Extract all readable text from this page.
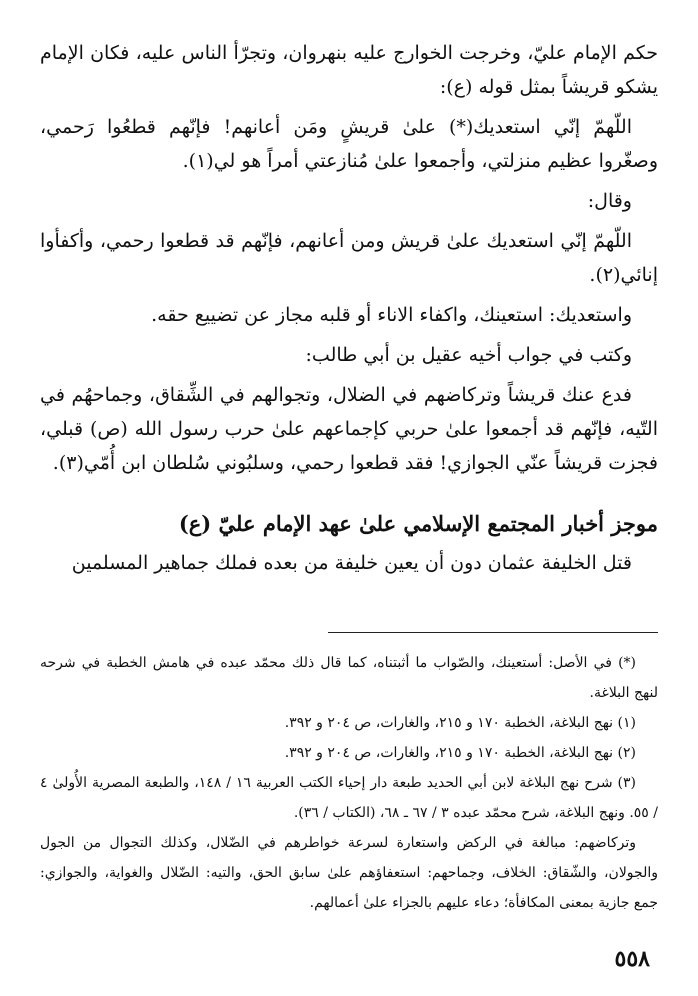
حكم الإمام عليّ، وخرجت الخوارج عليه بنهروان، وتجرّأ الناس عليه، فكان الإمام يشكو قريشاً بمثل قوله (ع):

اللّهمّ إنّي استعديك(*) علىٰ قريشٍ ومَن أعانهم! فإنّهم قطعُوا رَحمي، وصغّروا عظيم منزلتي، وأجمعوا علىٰ مُنازعتي أمراً هو لي(١).

وقال:

اللّهمّ إنّي استعديك علىٰ قريش ومن أعانهم، فإنّهم قد قطعوا رحمي، وأكفأوا إنائي(٢).

واستعديك: استعينك، واكفاء الاناء أو قلبه مجاز عن تضييع حقه.

وكتب في جواب أخيه عقيل بن أبي طالب:

فدع عنك قريشاً وتركاضهم في الضلال، وتجوالهم في الشِّقاق، وجماحهُم في التّيه، فإنّهم قد أجمعوا علىٰ حربي كإجماعهم علىٰ حرب رسول الله (ص) قبلي، فجزت قريشاً عنّي الجوازي! فقد قطعوا رحمي، وسلبُوني سُلطان ابن أُمّي(٣).

موجز أخبار المجتمع الإسلامي علىٰ عهد الإمام عليّ (ع)

قتل الخليفة عثمان دون أن يعين خليفة من بعده فملك جماهير المسلمين

(*) في الأصل: أستعينك، والصّواب ما أثبتناه، كما قال ذلك محمّد عبده في هامش الخطبة في شرحه لنهج البلاغة.

(١) نهج البلاغة، الخطبة ١٧٠ و ٢١٥، والغارات، ص ٢٠٤ و ٣٩٢.

(٢) نهج البلاغة، الخطبة ١٧٠ و ٢١٥، والغارات، ص ٢٠٤ و ٣٩٢.

(٣) شرح نهج البلاغة لابن أبي الحديد طبعة دار إحياء الكتب العربية ١٦ / ١٤٨، والطبعة المصرية الأُولىٰ ٤ / ٥٥. ونهج البلاغة، شرح محمّد عبده ٣ / ٦٧ ـ ٦٨، (الكتاب / ٣٦).

وتركاضهم: مبالغة في الركض واستعارة لسرعة خواطرهم في الضّلال، وكذلك التجوال من الجول والجولان، والشّقاق: الخلاف، وجماحهم: استعفاؤهم علىٰ سابق الحق، والتيه: الضّلال والغواية، والجوازي: جمع جازية بمعنى المكافأة؛ دعاء عليهم بالجزاء علىٰ أعمالهم.

٥٥٨
